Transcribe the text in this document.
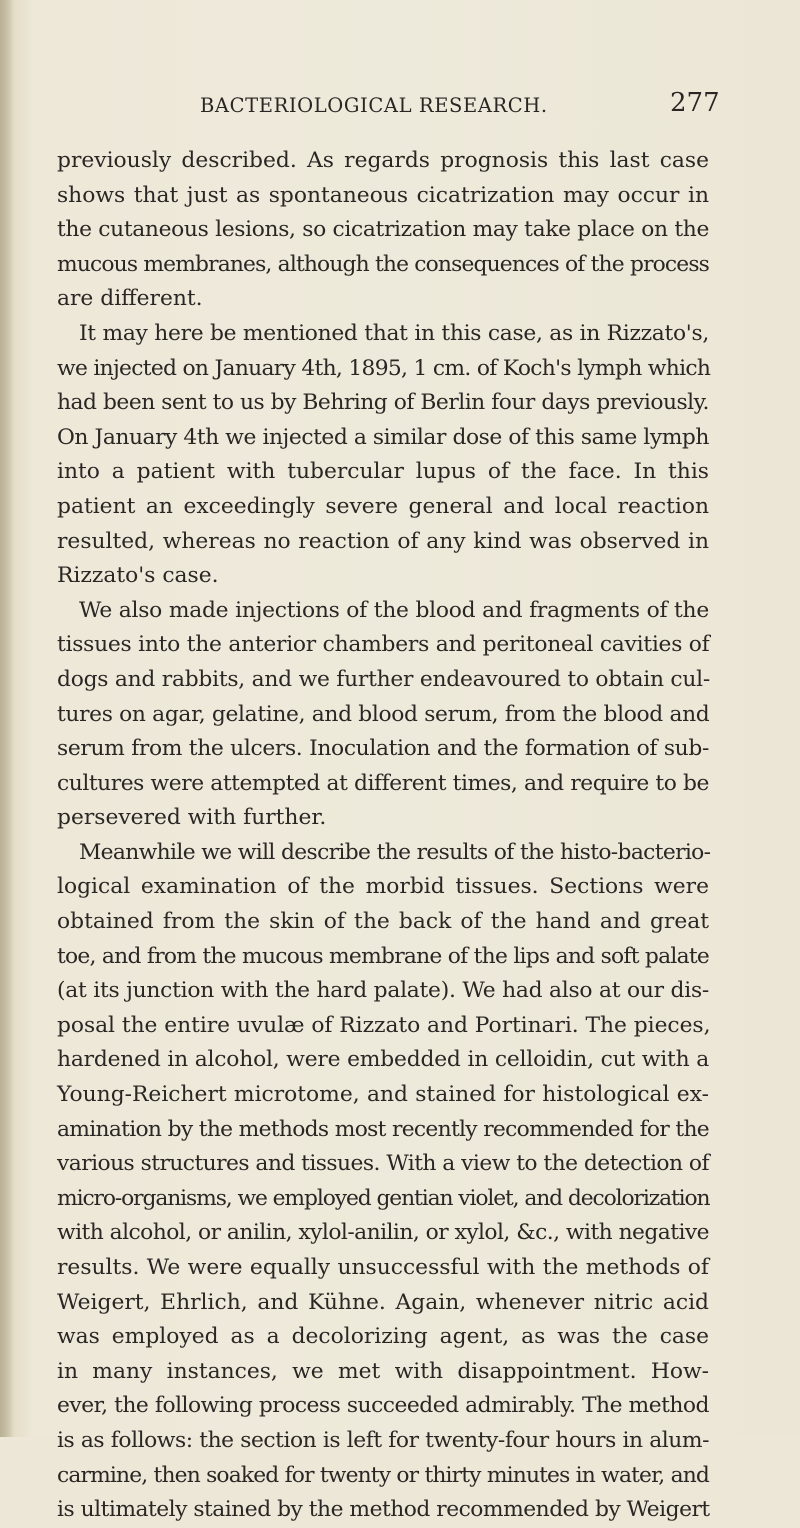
BACTERIOLOGICAL RESEARCH.	277
previously described. As regards prognosis this last case
shows that just as spontaneous cicatrization may occur in
the cutaneous lesions, so cicatrization may take place on the
mucous membranes, although the consequences of the process
are different.
It may here be mentioned that in this case, as in Rizzato's,
we injected on January 4th, 1895, 1 cm. of Koch's lymph which
had been sent to us by Behring of Berlin four days previously.
On January 4th we injected a similar dose of this same lymph
into a patient with tubercular lupus of the face. In this
patient an exceedingly severe general and local reaction
resulted, whereas no reaction of any kind was observed in
Rizzato's case.
We also made injections of the blood and fragments of the
tissues into the anterior chambers and peritoneal cavities of
dogs and rabbits, and we further endeavoured to obtain cul-
tures on agar, gelatine, and blood serum, from the blood and
serum from the ulcers. Inoculation and the formation of sub-
cultures were attempted at different times, and require to be
persevered with further.
Meanwhile we will describe the results of the histo-bacterio-
logical examination of the morbid tissues. Sections were
obtained from the skin of the back of the hand and great
toe, and from the mucous membrane of the lips and soft palate
(at its junction with the hard palate). We had also at our dis-
posal the entire uvulæ of Rizzato and Portinari. The pieces,
hardened in alcohol, were embedded in celloidin, cut with a
Young-Reichert microtome, and stained for histological ex-
amination by the methods most recently recommended for the
various structures and tissues. With a view to the detection of
micro-organisms, we employed gentian violet, and decolorization
with alcohol, or anilin, xylol-anilin, or xylol, &c., with negative
results. We were equally unsuccessful with the methods of
Weigert, Ehrlich, and Kühne. Again, whenever nitric acid
was employed as a decolorizing agent, as was the case
in many instances, we met with disappointment. How-
ever, the following process succeeded admirably. The method
is as follows: the section is left for twenty-four hours in alum-
carmine, then soaked for twenty or thirty minutes in water, and
is ultimately stained by the method recommended by Weigert
